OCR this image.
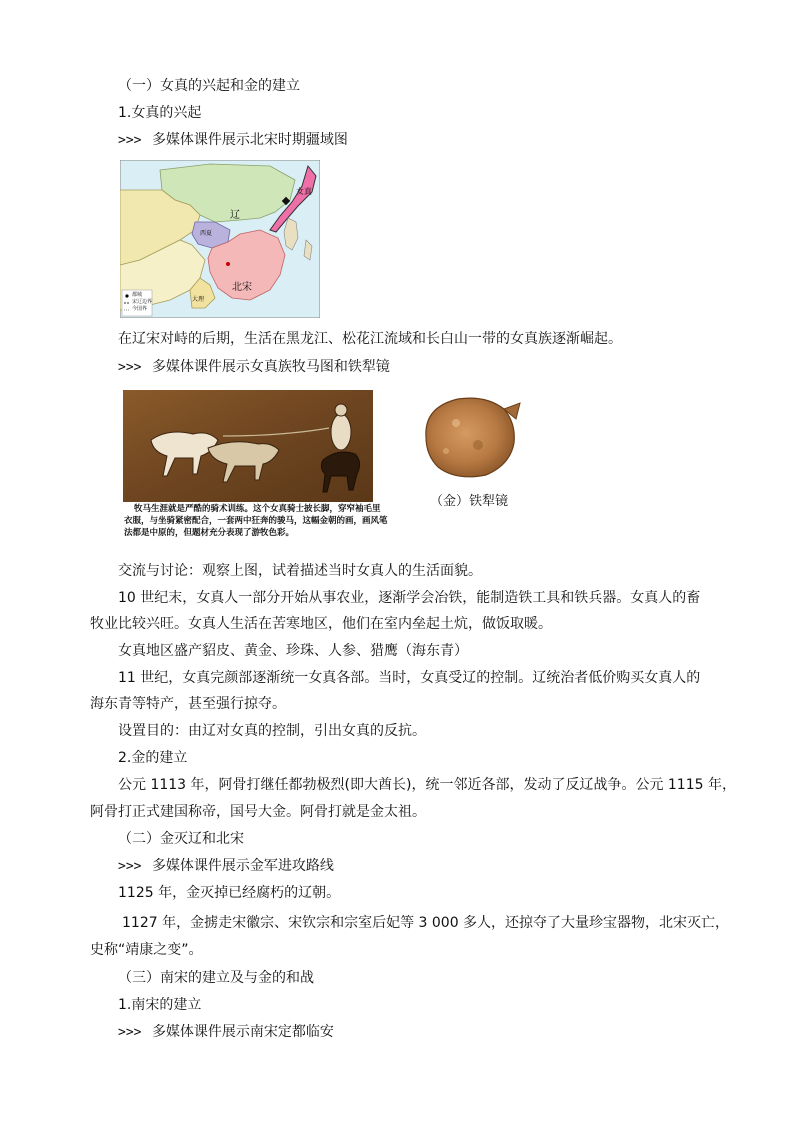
（一）女真的兴起和金的建立
1.女真的兴起
>>> 多媒体课件展示北宋时期疆域图
辽
西夏
北宋
女真
大理
都城
宋辽边界
今国界
在辽宋对峙的后期，生活在黑龙江、松花江流域和长白山一带的女真族逐渐崛起。
>>> 多媒体课件展示女真族牧马图和铁犁镜
牧马生涯就是严酷的骑术训练。这个女真骑士披长脚，穿窄袖毛里
衣服，与坐骑紧密配合，一套两中狂奔的骏马，这幅金朝的画，画风笔
法都是中原的，但题材充分表现了游牧色彩。
（金）铁犁镜
交流与讨论：观察上图，试着描述当时女真人的生活面貌。
10 世纪末，女真人一部分开始从事农业，逐渐学会冶铁，能制造铁工具和铁兵器。女真人的畜
牧业比较兴旺。女真人生活在苦寒地区，他们在室内垒起土炕，做饭取暖。
女真地区盛产貂皮、黄金、珍珠、人参、猎鹰（海东青）
11 世纪，女真完颜部逐渐统一女真各部。当时，女真受辽的控制。辽统治者低价购买女真人的
海东青等特产，甚至强行掠夺。
设置目的：由辽对女真的控制，引出女真的反抗。
2.金的建立
公元 1113 年，阿骨打继任都勃极烈(即大酋长)，统一邻近各部，发动了反辽战争。公元 1115 年，
阿骨打正式建国称帝，国号大金。阿骨打就是金太祖。
（二）金灭辽和北宋
>>> 多媒体课件展示金军进攻路线
1125 年，金灭掉已经腐朽的辽朝。
1127 年，金掳走宋徽宗、宋钦宗和宗室后妃等 3 000 多人，还掠夺了大量珍宝器物，北宋灭亡，
史称“靖康之变”。
（三）南宋的建立及与金的和战
1.南宋的建立
>>> 多媒体课件展示南宋定都临安
